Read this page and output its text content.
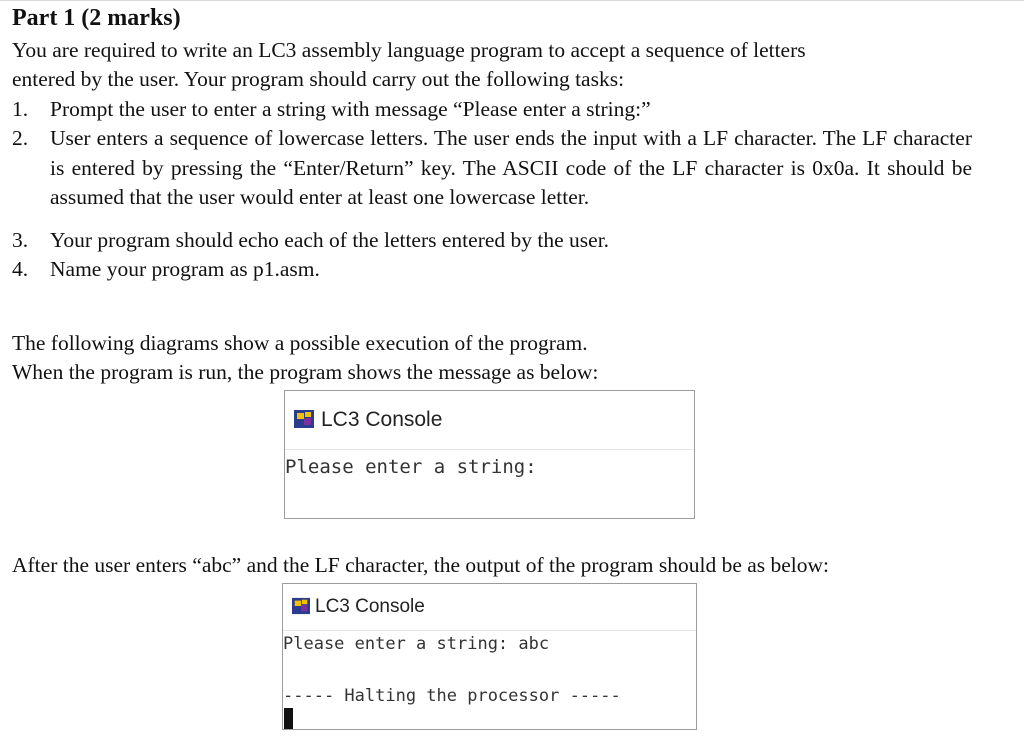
Part 1 (2 marks)
You are required to write an LC3 assembly language program to accept a sequence of letters
entered by the user. Your program should carry out the following tasks:
1. Prompt the user to enter a string with message “Please enter a string:”
2. User enters a sequence of lowercase letters. The user ends the input with a LF character. The LF character is entered by pressing the “Enter/Return” key. The ASCII code of the LF character is 0x0a. It should be assumed that the user would enter at least one lowercase letter.
3. Your program should echo each of the letters entered by the user.
4. Name your program as p1.asm.
The following diagrams show a possible execution of the program.
When the program is run, the program shows the message as below:
LC3 Console
Please enter a string:
After the user enters “abc” and the LF character, the output of the program should be as below:
LC3 Console
Please enter a string: abc
----- Halting the processor -----
